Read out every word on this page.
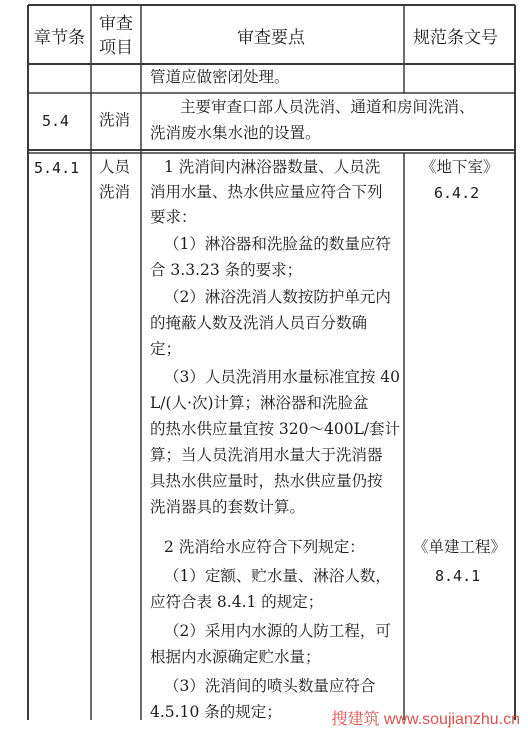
章节条
审查
项目	审查要点	规范条文号
管道应做密闭处理。
5.4 洗消
主要审查口部人员洗消、通道和房间洗消、
洗消废水集水池的设置。
5.4.1 人员
洗消
1 洗消间内淋浴器数量、人员洗
消用水量、热水供应量应符合下列
要求：
（1）淋浴器和洗脸盆的数量应符
合 3.3.23 条的要求；
（2）淋浴洗消人数按防护单元内
的掩蔽人数及洗消人员百分数确
定；
（3）人员洗消用水量标准宜按 40
L/(人·次)计算；淋浴器和洗脸盆
的热水供应量宜按 320～400L/套计
算；当人员洗消用水量大于洗消器
具热水供应量时，热水供应量仍按
洗消器具的套数计算。
2 洗消给水应符合下列规定：
（1）定额、贮水量、淋浴人数，
应符合表 8.4.1 的规定；
（2）采用内水源的人防工程，可
根据内水源确定贮水量；
（3）洗消间的喷头数量应符合
4.5.10 条的规定；
《地下室》
6.4.2
《单建工程》
8.4.1
搜建筑 www.soujianzhu.cn
